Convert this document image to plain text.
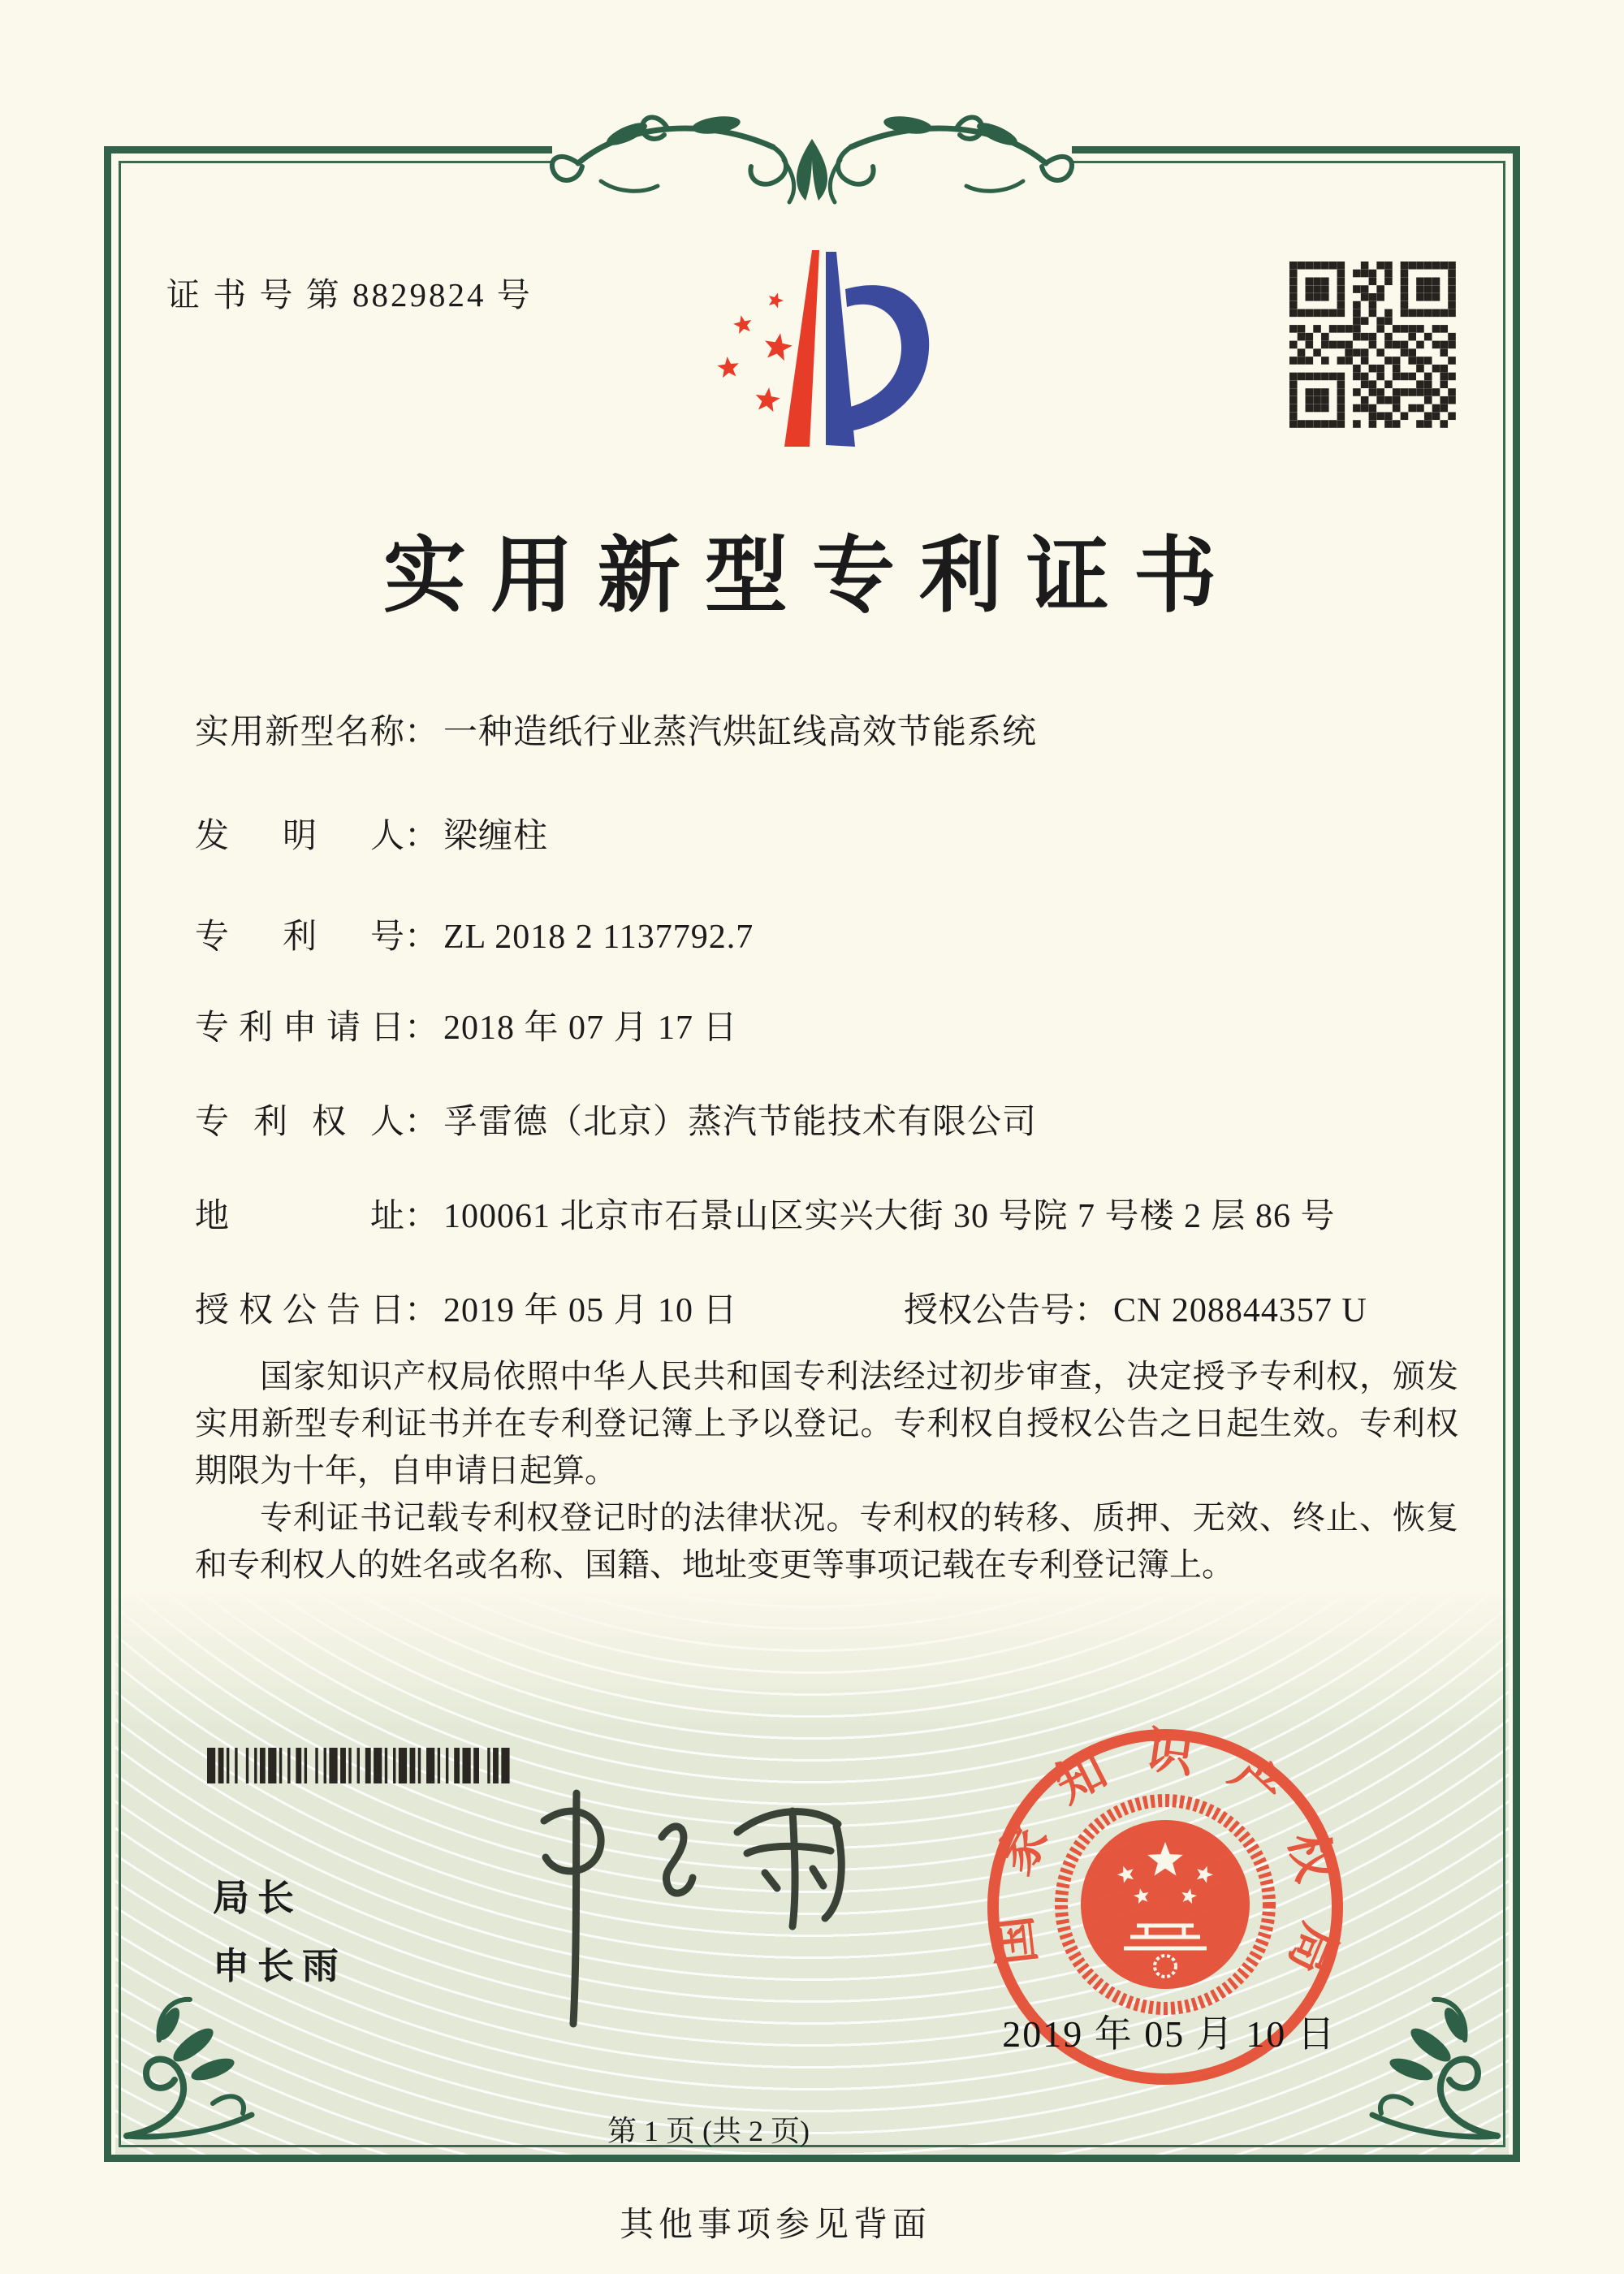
证 书 号 第 8829824 号
实用新型专利证书
实用新型名称： 一种造纸行业蒸汽烘缸线高效节能系统
发明人： 梁缠柱
专利号： ZL 2018 2 1137792.7
专利申请日： 2018 年 07 月 17 日
专利权人： 孚雷德（北京）蒸汽节能技术有限公司
地址： 100061 北京市石景山区实兴大街 30 号院 7 号楼 2 层 86 号
授权公告日： 2019 年 05 月 10 日	授权公告号： CN 208844357 U

国家知识产权局依照中华人民共和国专利法经过初步审查，决定授予专利权，颁发实用新型专利证书并在专利登记簿上予以登记。专利权自授权公告之日起生效。专利权期限为十年，自申请日起算。

专利证书记载专利权登记时的法律状况。专利权的转移、质押、无效、终止、恢复和专利权人的姓名或名称、国籍、地址变更等事项记载在专利登记簿上。

局长
申长雨	国家知识产权局
2019 年 05 月 10 日
第 1 页 (共 2 页)
其他事项参见背面
